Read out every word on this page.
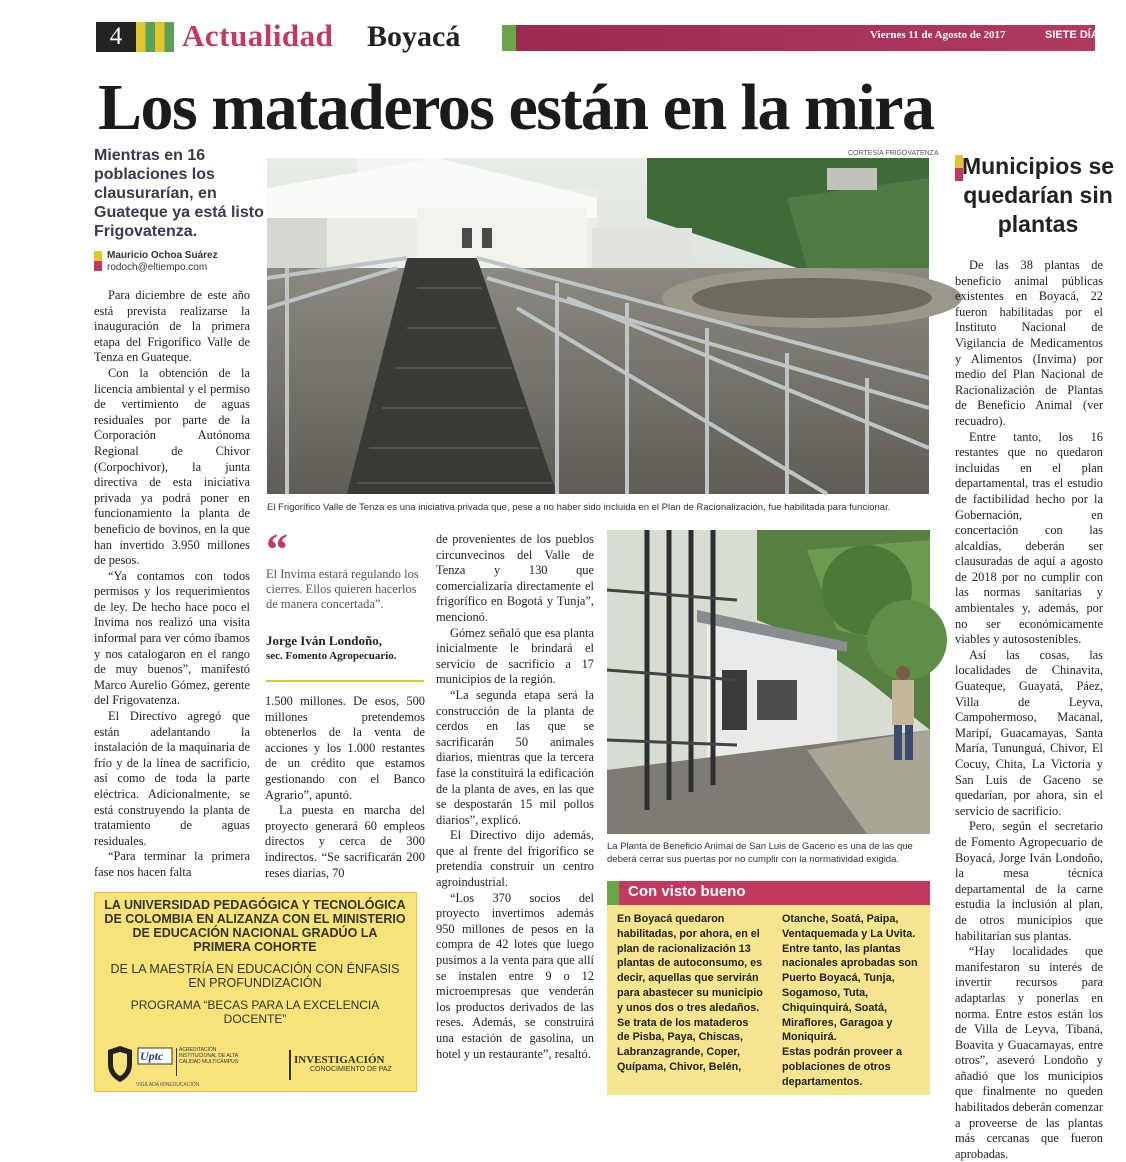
4	Actualidad Boyacá	Viernes 11 de Agosto de 2017	SIETE DÍAS
Los mataderos están en la mira
Mientras en 16 poblaciones los clausurarían, en Guateque ya está listo Frigovatenza.
Mauricio Ochoa Suárez
rodoch@eltiempo.com

Para diciembre de este año está prevista realizarse la inauguración de la primera etapa del Frigorífico Valle de Tenza en Guateque.

Con la obtención de la licencia ambiental y el permiso de vertimiento de aguas residuales por parte de la Corporación Autónoma Regional de Chivor (Corpochivor), la junta directiva de esta iniciativa privada ya podrá poner en funcionamiento la planta de beneficio de bovinos, en la que han invertido 3.950 millones de pesos.

“Ya contamos con todos permisos y los requerimientos de ley. De hecho hace poco el Invima nos realizó una visita informal para ver cómo íbamos y nos catalogaron en el rango de muy buenos”, manifestó Marco Aurelio Gómez, gerente del Frigovatenza.

El Directivo agregó que están adelantando la instalación de la maquinaria de frío y de la línea de sacrificio, así como de toda la parte eléctrica. Adicionalmente, se está construyendo la planta de tratamiento de aguas residuales.

“Para terminar la primera fase nos hacen falta

CORTESÍA FRIGOVATENZA
El Frigorífico Valle de Tenza es una iniciativa privada que, pese a no haber sido incluida en el Plan de Racionalización, fue habilitada para funcionar.
“
El Invima estará regulando los cierres. Ellos quieren hacerlos de manera concertada”.
Jorge Iván Londoño,
sec. Fomento Agropecuario.

1.500 millones. De esos, 500 millones pretendemos obtenerlos de la venta de acciones y los 1.000 restantes de un crédito que estamos gestionando con el Banco Agrario”, apuntó.

La puesta en marcha del proyecto generará 60 empleos directos y cerca de 300 indirectos. “Se sacrificarán 200 reses diarias, 70

de provenientes de los pueblos circunvecinos del Valle de Tenza y 130 que comercializaría directamente el frigorífico en Bogotá y Tunja”, mencionó.

Gómez señaló que esa planta inicialmente le brindará el servicio de sacrificio a 17 municipios de la región.

“La segunda etapa será la construcción de la planta de cerdos en las que se sacrificarán 50 animales diarios, mientras que la tercera fase la constituirá la edificación de la planta de aves, en las que se despostarán 15 mil pollos diarios”, explicó.

El Directivo dijo además, que al frente del frigorífico se pretendía construir un centro agroindustrial.

“Los 370 socios del proyecto invertimos además 950 millones de pesos en la compra de 42 lotes que luego pusimos a la venta para que allí se instalen entre 9 o 12 microempresas que venderán los productos derivados de las reses. Además, se construirá una estación de gasolina, un hotel y un restaurante”, resaltó.

La Planta de Beneficio Animal de San Luis de Gaceno es una de las que deberá cerrar sus puertas por no cumplir con la normatividad exigida.
Con visto bueno
En Boyacá quedaron habilitadas, por ahora, en el plan de racionalización 13 plantas de autoconsumo, es decir, aquellas que servirán para abastecer su municipio y unos dos o tres aledaños. Se trata de los mataderos de Pisba, Paya, Chiscas, Labranzagrande, Coper, Quípama, Chivor, Belén,
Otanche, Soatá, Paipa, Ventaquemada y La Uvita. Entre tanto, las plantas nacionales aprobadas son Puerto Boyacá, Tunja, Sogamoso, Tuta, Chiquinquirá, Soatá, Miraflores, Garagoa y Moniquirá.
Estas podrán proveer a poblaciones de otros departamentos.
Municipios se quedarían sin plantas

De las 38 plantas de beneficio animal públicas existentes en Boyacá, 22 fueron habilitadas por el Instituto Nacional de Vigilancia de Medicamentos y Alimentos (Invima) por medio del Plan Nacional de Racionalización de Plantas de Beneficio Animal (ver recuadro).

Entre tanto, los 16 restantes que no quedaron incluidas en el plan departamental, tras el estudio de factibilidad hecho por la Gobernación, en concertación con las alcaldías, deberán ser clausuradas de aquí a agosto de 2018 por no cumplir con las normas sanitarias y ambientales y, además, por no ser económicamente viables y autosostenibles.

Así las cosas, las localidades de Chinavita, Guateque, Guayatá, Páez, Villa de Leyva, Campohermoso, Macanal, Maripí, Guacamayas, Santa María, Tununguá, Chivor, El Cocuy, Chita, La Victoria y San Luis de Gaceno se quedarían, por ahora, sin el servicio de sacrificio.

Pero, según el secretario de Fomento Agropecuario de Boyacá, Jorge Iván Londoño, la mesa técnica departamental de la carne estudia la inclusión al plan, de otros municipios que habilitarían sus plantas.

“Hay localidades que manifestaron su interés de invertir recursos para adaptarlas y ponerlas en norma. Entre estos están los de Villa de Leyva, Tibaná, Boavita y Guacamayas, entre otros”, aseveró Londoño y añadió que los municipios que finalmente no queden habilitados deberán comenzar a proveerse de las plantas más cercanas que fueron aprobadas.

LA UNIVERSIDAD PEDAGÓGICA Y TECNOLÓGICA DE COLOMBIA EN ALIZANZA CON EL MINISTERIO DE EDUCACIÓN NACIONAL GRADÚO LA PRIMERA COHORTE
DE LA MAESTRÍA EN EDUCACIÓN CON ÉNFASIS EN PROFUNDIZACIÓN
PROGRAMA “BECAS PARA LA EXCELENCIA DOCENTE”
Uptc	ACREDITACIÓN INSTITUCIONAL DE ALTA CALIDAD MULTICAMPUS	INVESTIGACIÓN
CONOCIMIENTO DE PAZ
VIGILADA MINEDUCACIÓN
